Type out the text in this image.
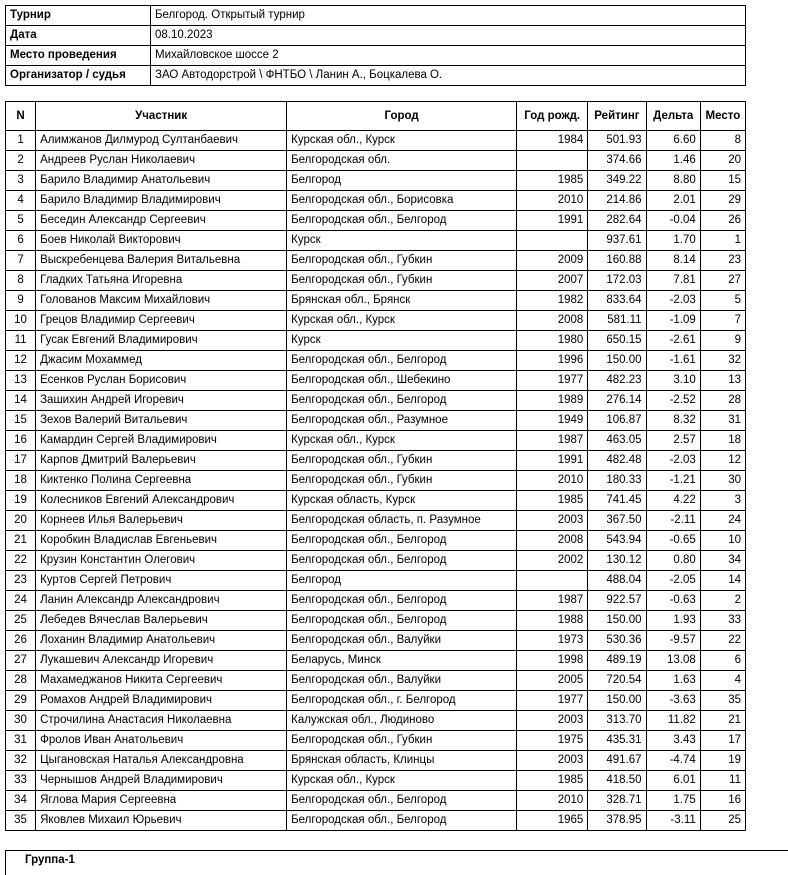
Турнир	Белгород. Открытый турнир
Дата	08.10.2023
Место проведения	Михайловское шоссе 2
Организатор / судья	ЗАО Автодорстрой \ ФНТБО \ Ланин А., Боцкалева О.
N	Участник	Город	Год рожд.	Рейтинг	Дельта	Место
1	Алимжанов Дилмурод Султанбаевич	Курская обл., Курск	1984	501.93	6.60	8
2	Андреев Руслан Николаевич	Белгородская обл.		374.66	1.46	20
3	Барило Владимир Анатольевич	Белгород	1985	349.22	8.80	15
4	Барило Владимир Владимирович	Белгородская обл., Борисовка	2010	214.86	2.01	29
5	Беседин Александр Сергеевич	Белгородская обл., Белгород	1991	282.64	-0.04	26
6	Боев Николай Викторович	Курск		937.61	1.70	1
7	Выскребенцева Валерия Витальевна	Белгородская обл., Губкин	2009	160.88	8.14	23
8	Гладких Татьяна Игоревна	Белгородская обл., Губкин	2007	172.03	7.81	27
9	Голованов Максим Михайлович	Брянская обл., Брянск	1982	833.64	-2.03	5
10	Грецов Владимир Сергеевич	Курская обл., Курск	2008	581.11	-1.09	7
11	Гусак Евгений Владимирович	Курск	1980	650.15	-2.61	9
12	Джасим Мохаммед	Белгородская обл., Белгород	1996	150.00	-1.61	32
13	Есенков Руслан Борисович	Белгородская обл., Шебекино	1977	482.23	3.10	13
14	Зашихин Андрей Игоревич	Белгородская обл., Белгород	1989	276.14	-2.52	28
15	Зехов Валерий Витальевич	Белгородская обл., Разумное	1949	106.87	8.32	31
16	Камардин Сергей Владимирович	Курская обл., Курск	1987	463.05	2.57	18
17	Карпов Дмитрий Валерьевич	Белгородская обл., Губкин	1991	482.48	-2.03	12
18	Киктенко Полина Сергеевна	Белгородская обл., Губкин	2010	180.33	-1.21	30
19	Колесников Евгений Александрович	Курская область, Курск	1985	741.45	4.22	3
20	Корнеев Илья Валерьевич	Белгородская область, п. Разумное	2003	367.50	-2.11	24
21	Коробкин Владислав Евгеньевич	Белгородская обл., Белгород	2008	543.94	-0.65	10
22	Крузин Константин Олегович	Белгородская обл., Белгород	2002	130.12	0.80	34
23	Куртов Сергей Петрович	Белгород		488.04	-2.05	14
24	Ланин Александр Александрович	Белгородская обл., Белгород	1987	922.57	-0.63	2
25	Лебедев Вячеслав Валерьевич	Белгородская обл., Белгород	1988	150.00	1.93	33
26	Лоханин Владимир Анатольевич	Белгородская обл., Валуйки	1973	530.36	-9.57	22
27	Лукашевич Александр Игоревич	Беларусь, Минск	1998	489.19	13.08	6
28	Махамеджанов Никита Сергеевич	Белгородская обл., Валуйки	2005	720.54	1.63	4
29	Ромахов Андрей Владимирович	Белгородская обл., г. Белгород	1977	150.00	-3.63	35
30	Строчилина Анастасия Николаевна	Калужская обл., Людиново	2003	313.70	11.82	21
31	Фролов Иван Анатольевич	Белгородская обл., Губкин	1975	435.31	3.43	17
32	Цыгановская Наталья Александровна	Брянская область, Клинцы	2003	491.67	-4.74	19
33	Чернышов Андрей Владимирович	Курская обл., Курск	1985	418.50	6.01	11
34	Яглова Мария Сергеевна	Белгородская обл., Белгород	2010	328.71	1.75	16
35	Яковлев Михаил Юрьевич	Белгородская обл., Белгород	1965	378.95	-3.11	25
Группа-1
